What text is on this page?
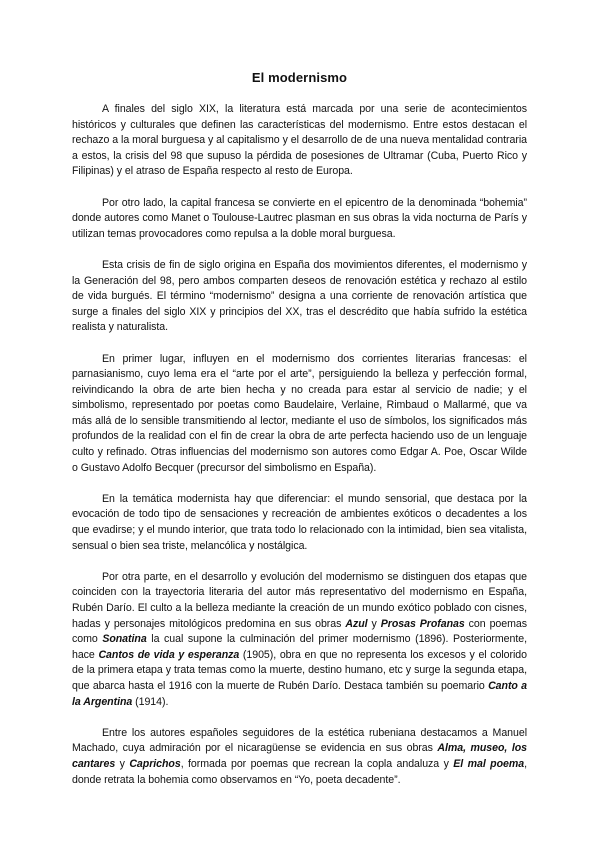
El modernismo

A finales del siglo XIX, la literatura está marcada por una serie de acontecimientos históricos y culturales que definen las características del modernismo. Entre estos destacan el rechazo a la moral burguesa y al capitalismo y el desarrollo de de una nueva mentalidad contraria a estos, la crisis del 98 que supuso la pérdida de posesiones de Ultramar (Cuba, Puerto Rico y Filipinas) y el atraso de España respecto al resto de Europa.

Por otro lado, la capital francesa se convierte en el epicentro de la denominada “bohemia” donde autores como Manet o Toulouse-Lautrec plasman en sus obras la vida nocturna de París y utilizan temas provocadores como repulsa a la doble moral burguesa.

Esta crisis de fin de siglo origina en España dos movimientos diferentes, el modernismo y la Generación del 98, pero ambos comparten deseos de renovación estética y rechazo al estilo de vida burgués. El término “modernismo” designa a una corriente de renovación artística que surge a finales del siglo XIX y principios del XX, tras el descrédito que había sufrido la estética realista y naturalista.

En primer lugar, influyen en el modernismo dos corrientes literarias francesas: el parnasianismo, cuyo lema era el “arte por el arte”, persiguiendo la belleza y perfección formal, reivindicando la obra de arte bien hecha y no creada para estar al servicio de nadie; y el simbolismo, representado por poetas como Baudelaire, Verlaine, Rimbaud o Mallarmé, que va más allá de lo sensible transmitiendo al lector, mediante el uso de símbolos, los significados más profundos de la realidad con el fin de crear la obra de arte perfecta haciendo uso de un lenguaje culto y refinado. Otras influencias del modernismo son autores como Edgar A. Poe, Oscar Wilde o Gustavo Adolfo Becquer (precursor del simbolismo en España).

En la temática modernista hay que diferenciar: el mundo sensorial, que destaca por la evocación de todo tipo de sensaciones y recreación de ambientes exóticos o decadentes a los que evadirse; y el mundo interior, que trata todo lo relacionado con la intimidad, bien sea vitalista, sensual o bien sea triste, melancólica y nostálgica.

Por otra parte, en el desarrollo y evolución del modernismo se distinguen dos etapas que coinciden con la trayectoria literaria del autor más representativo del modernismo en España, Rubén Darío. El culto a la belleza mediante la creación de un mundo exótico poblado con cisnes, hadas y personajes mitológicos predomina en sus obras Azul y Prosas Profanas con poemas como Sonatina la cual supone la culminación del primer modernismo (1896). Posteriormente, hace Cantos de vida y esperanza (1905), obra en que no representa los excesos y el colorido de la primera etapa y trata temas como la muerte, destino humano, etc y surge la segunda etapa, que abarca hasta el 1916 con la muerte de Rubén Darío. Destaca también su poemario Canto a la Argentina (1914).

Entre los autores españoles seguidores de la estética rubeniana destacamos a Manuel Machado, cuya admiración por el nicaragüense se evidencia en sus obras Alma, museo, los cantares y Caprichos, formada por poemas que recrean la copla andaluza y El mal poema, donde retrata la bohemia como observamos en “Yo, poeta decadente”.
